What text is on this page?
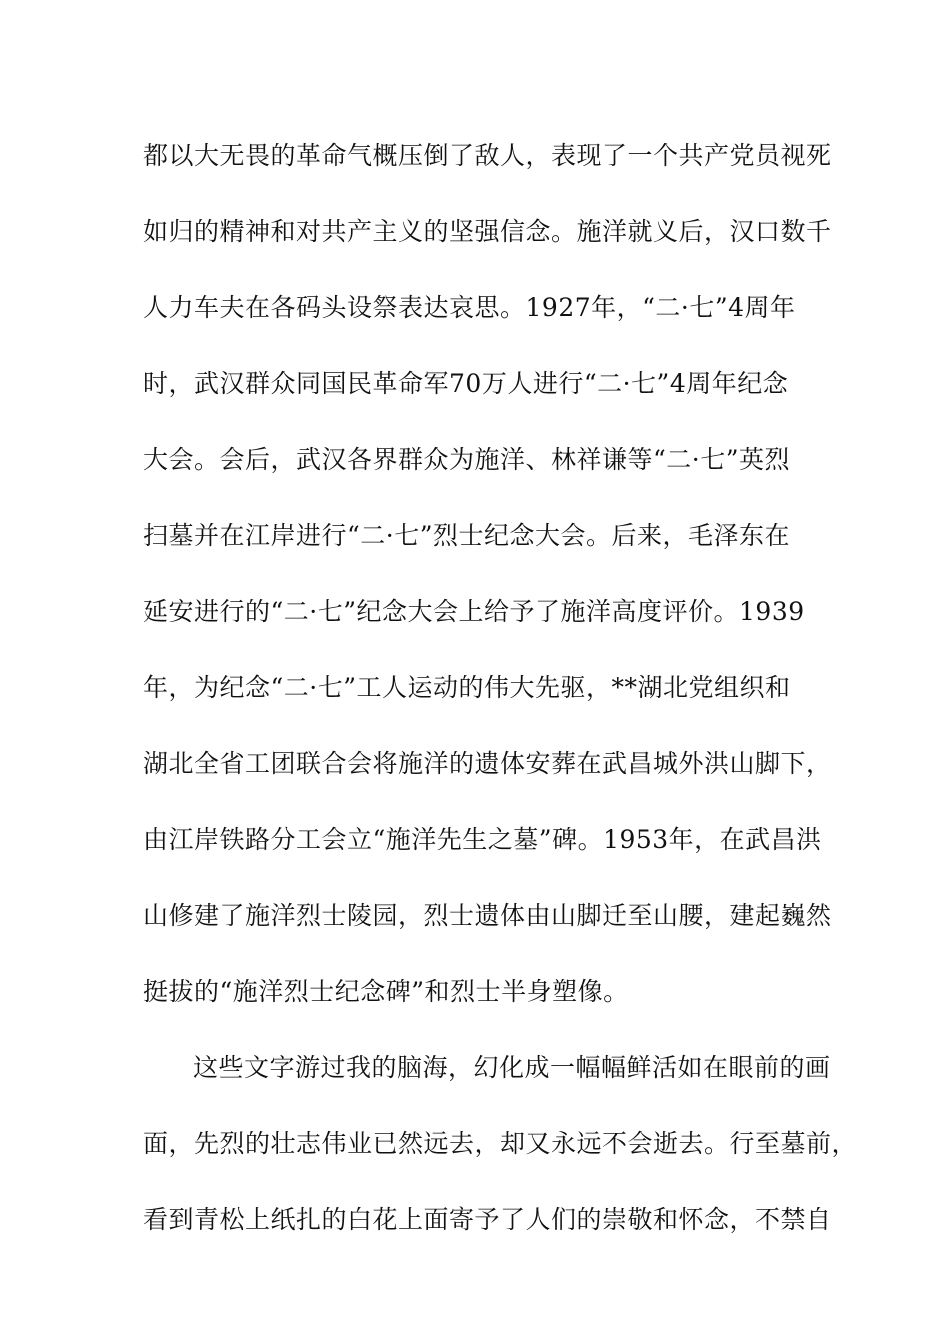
都以大无畏的革命气概压倒了敌人，表现了一个共产党员视死
如归的精神和对共产主义的坚强信念。施洋就义后，汉口数千
人力车夫在各码头设祭表达哀思。1927年，“二·七”4周年
时，武汉群众同国民革命军70万人进行“二·七”4周年纪念
大会。会后，武汉各界群众为施洋、林祥谦等“二·七”英烈
扫墓并在江岸进行“二·七”烈士纪念大会。后来，毛泽东在
延安进行的“二·七”纪念大会上给予了施洋高度评价。1939
年，为纪念“二·七”工人运动的伟大先驱，**湖北党组织和
湖北全省工团联合会将施洋的遗体安葬在武昌城外洪山脚下，
由江岸铁路分工会立“施洋先生之墓”碑。1953年，在武昌洪
山修建了施洋烈士陵园，烈士遗体由山脚迁至山腰，建起巍然
挺拔的“施洋烈士纪念碑”和烈士半身塑像。
这些文字游过我的脑海，幻化成一幅幅鲜活如在眼前的画
面，先烈的壮志伟业已然远去，却又永远不会逝去。行至墓前，
看到青松上纸扎的白花上面寄予了人们的崇敬和怀念，不禁自
